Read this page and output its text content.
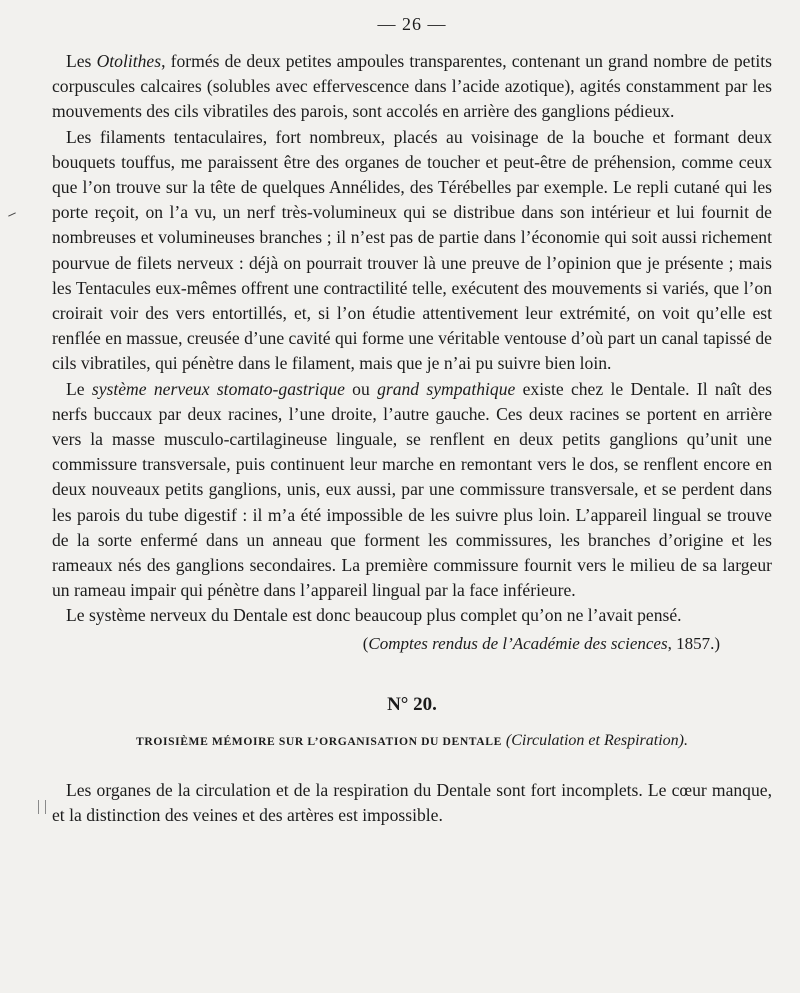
— 26 —

Les Otolithes, formés de deux petites ampoules transparentes, contenant un grand nombre de petits corpuscules calcaires (solubles avec effervescence dans l’acide azotique), agités constamment par les mouvements des cils vibratiles des parois, sont accolés en arrière des ganglions pédieux.

Les filaments tentaculaires, fort nombreux, placés au voisinage de la bouche et formant deux bouquets touffus, me paraissent être des organes de toucher et peut-être de préhension, comme ceux que l’on trouve sur la tête de quelques Annélides, des Térébelles par exemple. Le repli cutané qui les porte reçoit, on l’a vu, un nerf très-volumineux qui se distribue dans son intérieur et lui fournit de nombreuses et volumineuses branches ; il n’est pas de partie dans l’économie qui soit aussi richement pourvue de filets nerveux : déjà on pourrait trouver là une preuve de l’opinion que je présente ; mais les Tentacules eux-mêmes offrent une contractilité telle, exécutent des mouvements si variés, que l’on croirait voir des vers entortillés, et, si l’on étudie attentivement leur extrémité, on voit qu’elle est renflée en massue, creusée d’une cavité qui forme une véritable ventouse d’où part un canal tapissé de cils vibratiles, qui pénètre dans le filament, mais que je n’ai pu suivre bien loin.

Le système nerveux stomato-gastrique ou grand sympathique existe chez le Dentale. Il naît des nerfs buccaux par deux racines, l’une droite, l’autre gauche. Ces deux racines se portent en arrière vers la masse musculo-cartilagineuse linguale, se renflent en deux petits ganglions qu’unit une commissure transversale, puis continuent leur marche en remontant vers le dos, se renflent encore en deux nouveaux petits ganglions, unis, eux aussi, par une commissure transversale, et se perdent dans les parois du tube digestif : il m’a été impossible de les suivre plus loin. L’appareil lingual se trouve de la sorte enfermé dans un anneau que forment les commissures, les branches d’origine et les rameaux nés des ganglions secondaires. La première commissure fournit vers le milieu de sa largeur un rameau impair qui pénètre dans l’appareil lingual par la face inférieure.

Le système nerveux du Dentale est donc beaucoup plus complet qu’on ne l’avait pensé.

(Comptes rendus de l’Académie des sciences, 1857.)
N° 20.
TROISIÈME MÉMOIRE SUR L’ORGANISATION DU DENTALE (Circulation et Respiration).

Les organes de la circulation et de la respiration du Dentale sont fort incomplets. Le cœur manque, et la distinction des veines et des artères est impossible.
